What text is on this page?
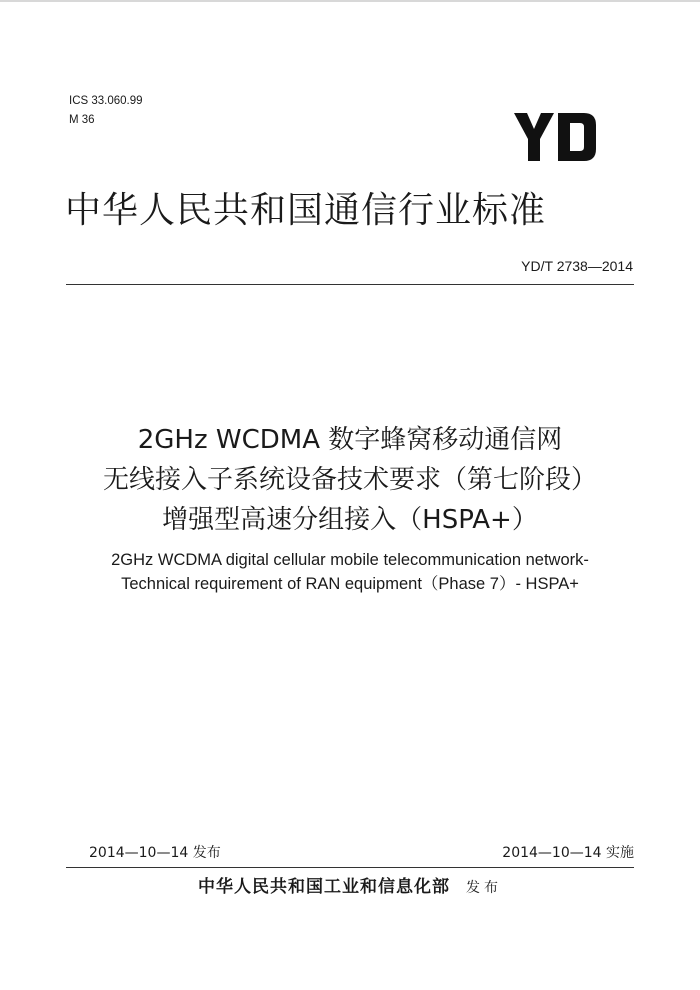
ICS 33.060.99
M 36
中华人民共和国通信行业标准
YD/T 2738—2014
2GHz WCDMA 数字蜂窝移动通信网
无线接入子系统设备技术要求（第七阶段）
增强型高速分组接入（HSPA+）
2GHz WCDMA digital cellular mobile telecommunication network-
Technical requirement of RAN equipment（Phase 7）- HSPA+
2014—10—14 发布	2014—10—14 实施
中华人民共和国工业和信息化部 发布
